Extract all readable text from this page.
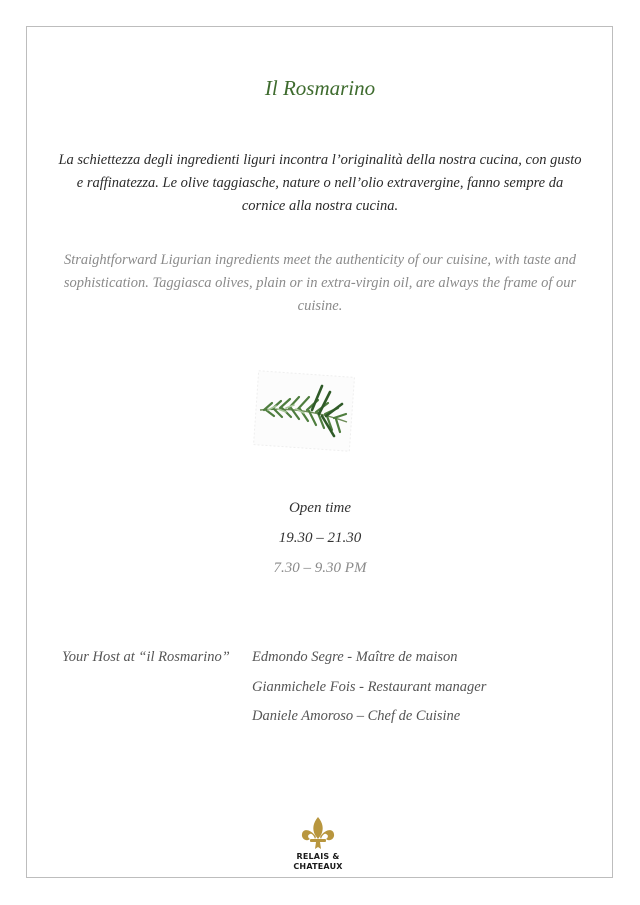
Il Rosmarino
La schiettezza degli ingredienti liguri incontra l’originalità della nostra cucina, con gusto e raffinatezza. Le olive taggiasche, nature o nell’olio extravergine, fanno sempre da cornice alla nostra cucina.
Straightforward Ligurian ingredients meet the authenticity of our cuisine, with taste and sophistication. Taggiasca olives, plain or in extra-virgin oil, are always the frame of our cuisine.
Open time
19.30 – 21.30
7.30 – 9.30 PM
Your Host at “il Rosmarino” Edmondo Segre - Maître de maison
Gianmichele Fois - Restaurant manager
Daniele Amoroso – Chef de Cuisine
RELAIS &
CHATEAUX
